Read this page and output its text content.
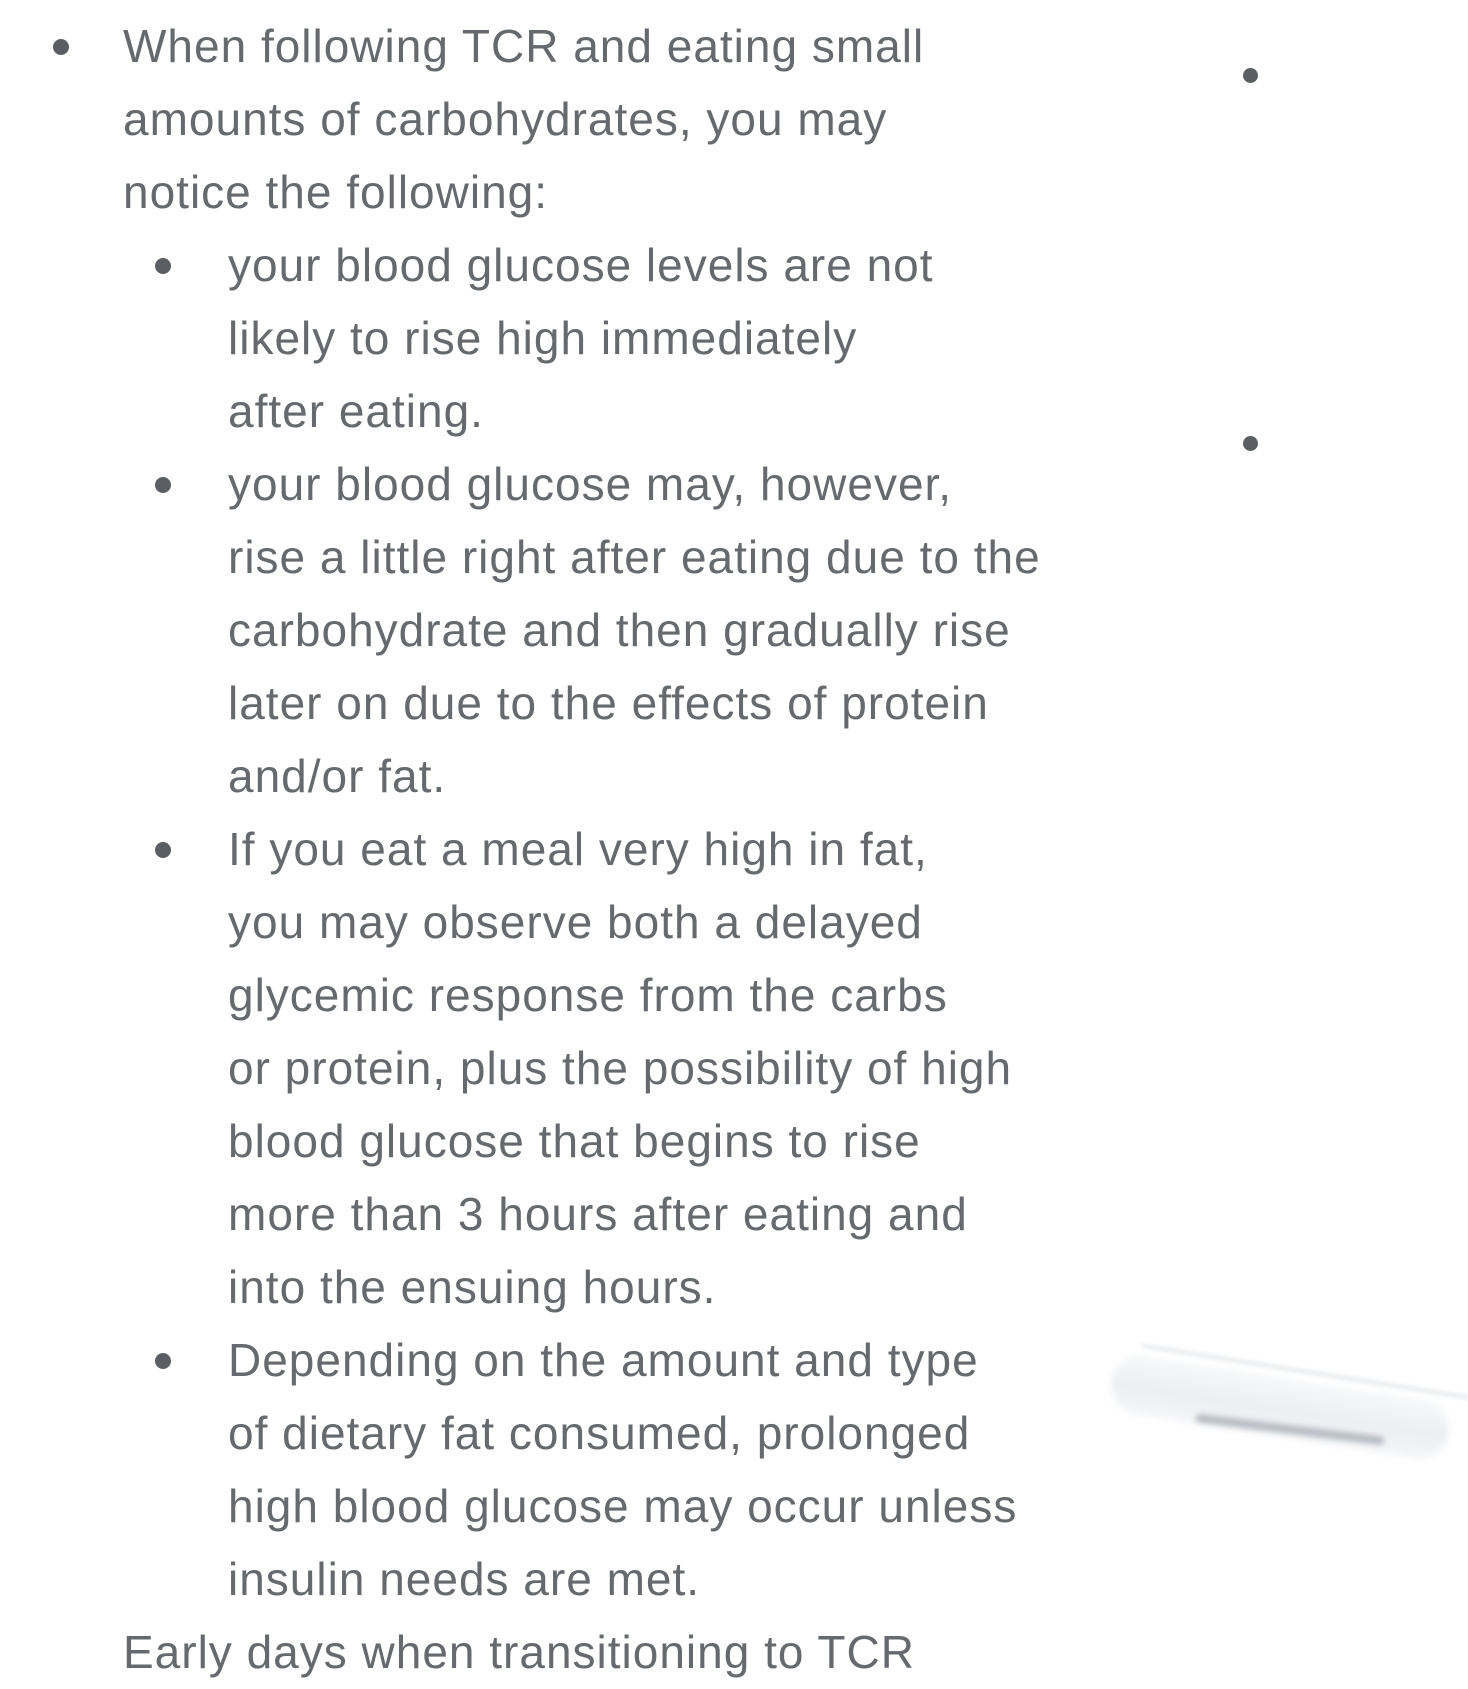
When following TCR and eating small
amounts of carbohydrates, you may
notice the following:
your blood glucose levels are not
likely to rise high immediately
after eating.
your blood glucose may, however,
rise a little right after eating due to the
carbohydrate and then gradually rise
later on due to the effects of protein
and/or fat.
If you eat a meal very high in fat,
you may observe both a delayed
glycemic response from the carbs
or protein, plus the possibility of high
blood glucose that begins to rise
more than 3 hours after eating and
into the ensuing hours.
Depending on the amount and type
of dietary fat consumed, prolonged
high blood glucose may occur unless
insulin needs are met.
Early days when transitioning to TCR
